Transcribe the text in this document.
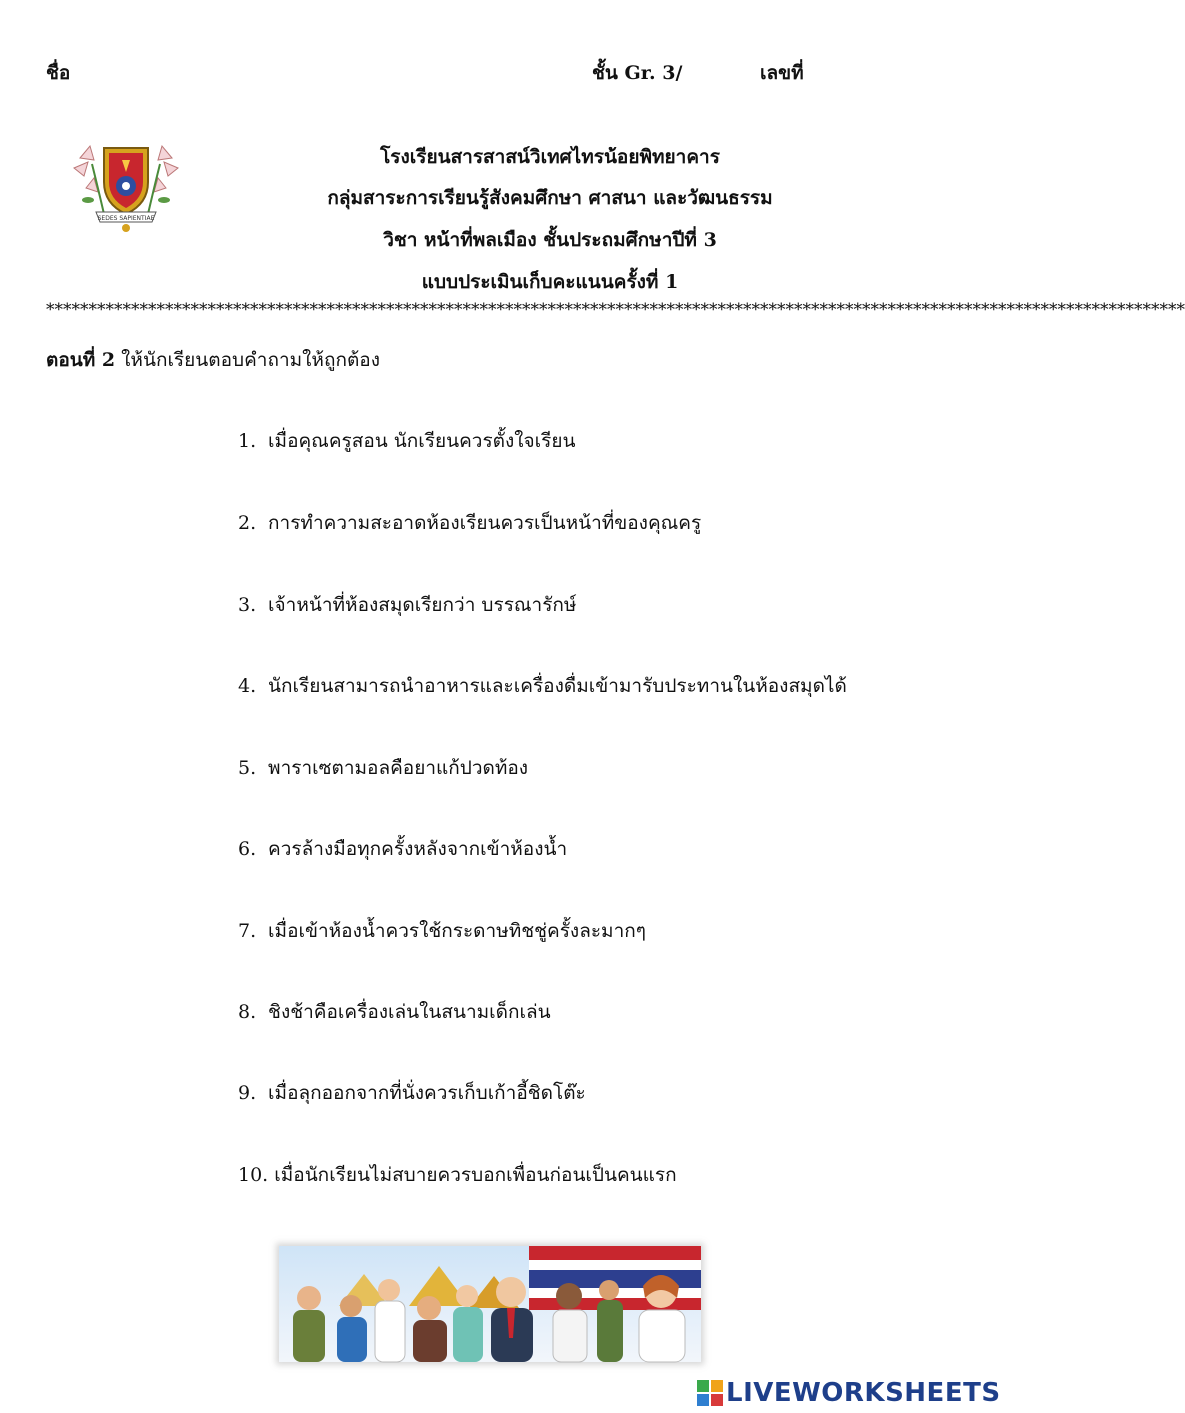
ชื่อ	ชั้น Gr. 3/	เลขที่
SEDES SAPIENTIAE
โรงเรียนสารสาสน์วิเทศไทรน้อยพิทยาคาร
กลุ่มสาระการเรียนรู้สังคมศึกษา ศาสนา และวัฒนธรรม
วิชา หน้าที่พลเมือง ชั้นประถมศึกษาปีที่ 3
แบบประเมินเก็บคะแนนครั้งที่ 1
**************************************************************************************************************************************
ตอนที่ 2 ให้นักเรียนตอบคำถามให้ถูกต้อง
1. เมื่อคุณครูสอน นักเรียนควรตั้งใจเรียน
2. การทำความสะอาดห้องเรียนควรเป็นหน้าที่ของคุณครู
3. เจ้าหน้าที่ห้องสมุดเรียกว่า บรรณารักษ์
4. นักเรียนสามารถนำอาหารและเครื่องดื่มเข้ามารับประทานในห้องสมุดได้
5. พาราเซตามอลคือยาแก้ปวดท้อง
6. ควรล้างมือทุกครั้งหลังจากเข้าห้องน้ำ
7. เมื่อเข้าห้องน้ำควรใช้กระดาษทิชชู่ครั้งละมากๆ
8. ชิงช้าคือเครื่องเล่นในสนามเด็กเล่น
9. เมื่อลุกออกจากที่นั่งควรเก็บเก้าอี้ชิดโต๊ะ
10. เมื่อนักเรียนไม่สบายควรบอกเพื่อนก่อนเป็นคนแรก
LIVEWORKSHEETS
